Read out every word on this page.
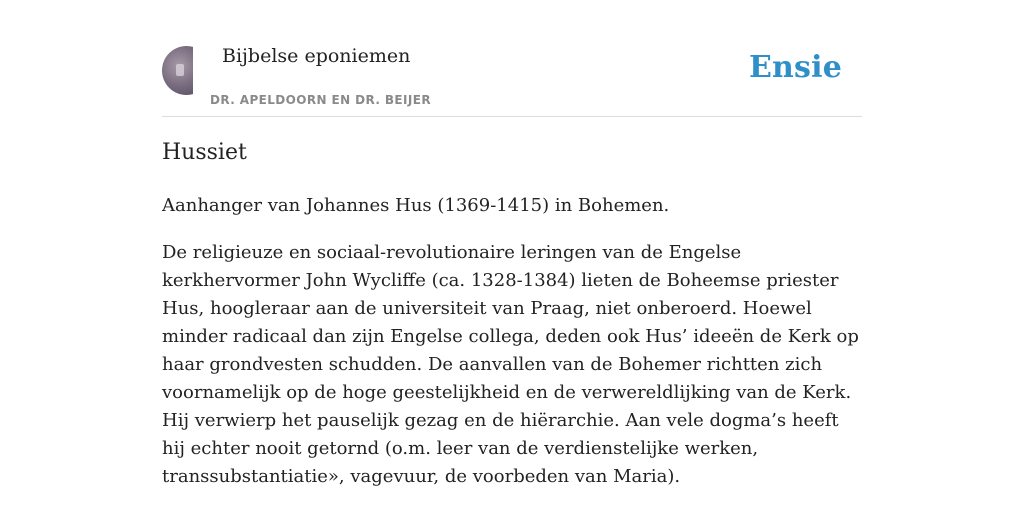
Bijbelse eponiemen
DR. APELDOORN EN DR. BEIJER
Ensie
Hussiet

Aanhanger van Johannes Hus (1369-1415) in Bohemen.

De religieuze en sociaal-revolutionaire leringen van de Engelse kerkhervormer John Wycliffe (ca. 1328-1384) lieten de Boheemse priester Hus, hoogleraar aan de universiteit van Praag, niet onberoerd. Hoewel minder radicaal dan zijn Engelse collega, deden ook Hus’ ideeën de Kerk op haar grondvesten schudden. De aanvallen van de Bohemer richtten zich voornamelijk op de hoge geestelijkheid en de verwereldlijking van de Kerk. Hij verwierp het pauselijk gezag en de hiërarchie. Aan vele dogma’s heeft hij echter nooit getornd (o.m. leer van de verdienstelijke werken, transsubstantiatie», vagevuur, de voorbeden van Maria).
